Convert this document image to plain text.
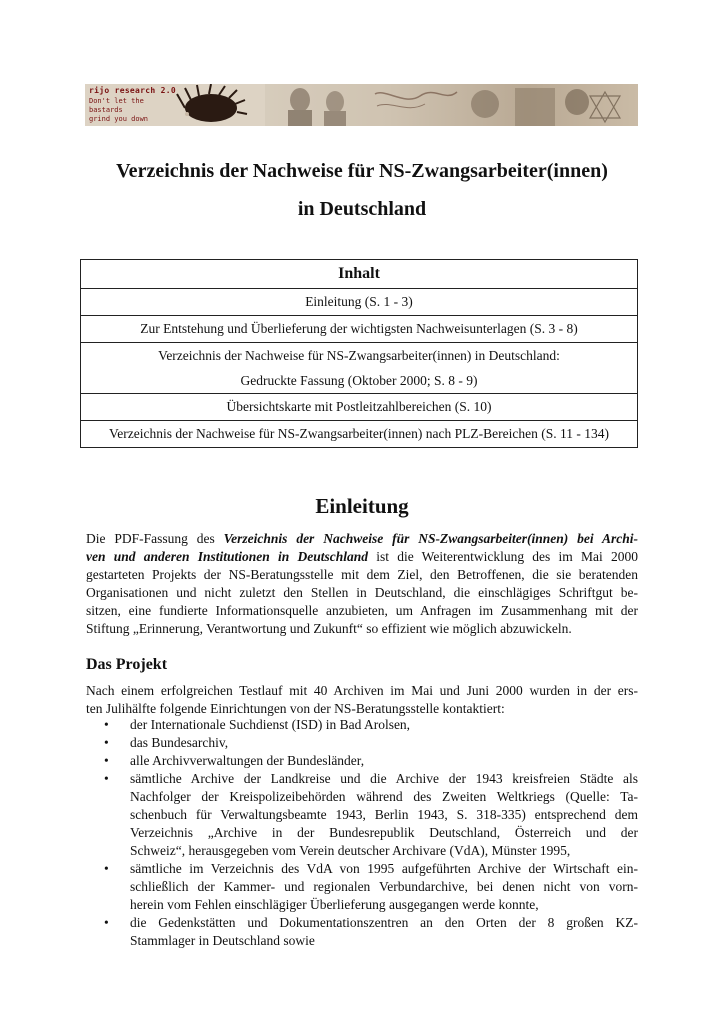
rijo research 2.0
Don't let the
bastards
grind you down
Verzeichnis der Nachweise für NS-Zwangsarbeiter(innen)
in Deutschland
Inhalt
Einleitung (S. 1 - 3)
Zur Entstehung und Überlieferung der wichtigsten Nachweisunterlagen (S. 3 - 8)
Verzeichnis der Nachweise für NS-Zwangsarbeiter(innen) in Deutschland:
Gedruckte Fassung (Oktober 2000; S. 8 - 9)
Übersichtskarte mit Postleitzahlbereichen (S. 10)
Verzeichnis der Nachweise für NS-Zwangsarbeiter(innen) nach PLZ-Bereichen (S. 11 - 134)
Einleitung
Die PDF-Fassung des Verzeichnis der Nachweise für NS-Zwangsarbeiter(innen) bei Archi-
ven und anderen Institutionen in Deutschland ist die Weiterentwicklung des im Mai 2000
gestarteten Projekts der NS-Beratungsstelle mit dem Ziel, den Betroffenen, die sie beratenden
Organisationen und nicht zuletzt den Stellen in Deutschland, die einschlägiges Schriftgut be-
sitzen, eine fundierte Informationsquelle anzubieten, um Anfragen im Zusammenhang mit der
Stiftung „Erinnerung, Verantwortung und Zukunft“ so effizient wie möglich abzuwickeln.
Das Projekt
Nach einem erfolgreichen Testlauf mit 40 Archiven im Mai und Juni 2000 wurden in der ers-
ten Julihälfte folgende Einrichtungen von der NS-Beratungsstelle kontaktiert:
• der Internationale Suchdienst (ISD) in Bad Arolsen,
• das Bundesarchiv,
• alle Archivverwaltungen der Bundesländer,
• sämtliche Archive der Landkreise und die Archive der 1943 kreisfreien Städte als
Nachfolger der Kreispolizeibehörden während des Zweiten Weltkriegs (Quelle: Ta-
schenbuch für Verwaltungsbeamte 1943, Berlin 1943, S. 318-335) entsprechend dem
Verzeichnis „Archive in der Bundesrepublik Deutschland, Österreich und der
Schweiz“, herausgegeben vom Verein deutscher Archivare (VdA), Münster 1995,
• sämtliche im Verzeichnis des VdA von 1995 aufgeführten Archive der Wirtschaft ein-
schließlich der Kammer- und regionalen Verbundarchive, bei denen nicht von vorn-
herein vom Fehlen einschlägiger Überlieferung ausgegangen werde konnte,
• die Gedenkstätten und Dokumentationszentren an den Orten der 8 großen KZ-
Stammlager in Deutschland sowie
